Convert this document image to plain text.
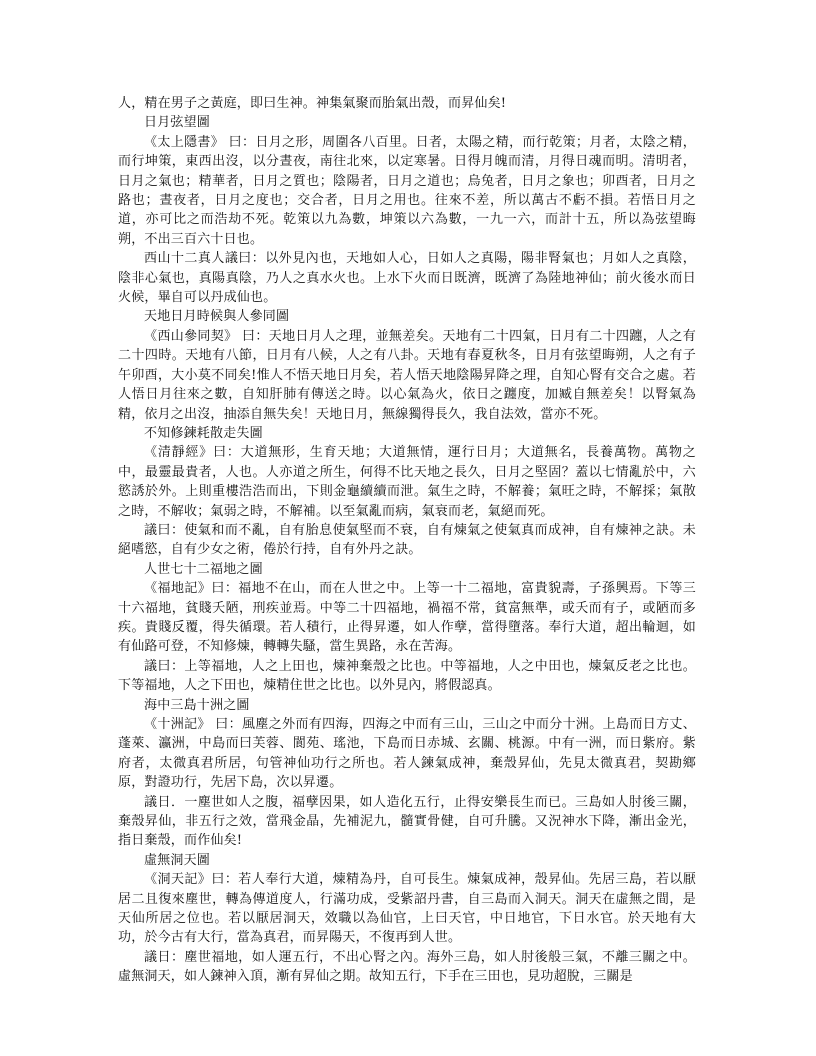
人，精在男子之黃庭，即曰生神。神集氣聚而胎氣出殼，而昇仙矣!

日月弦望圖

《太上隱書》 曰：日月之形，周圍各八百里。日者，太陽之精，而行乾策；月者，太陰之精，而行坤策，東西出沒，以分晝夜，南往北來，以定寒暑。日得月魄而清，月得日魂而明。清明者，日月之氣也；精華者，日月之質也；陰陽者，日月之道也；烏兔者，日月之象也；卯酉者，日月之路也；晝夜者，日月之度也；交合者，日月之用也。往來不差，所以萬古不虧不損。若悟日月之道，亦可比之而浩劫不死。乾策以九為數，坤策以六為數，一九一六，而計十五，所以為弦望晦朔，不出三百六十日也。

西山十二真人議曰：以外見內也，天地如人心，日如人之真陽，陽非腎氣也；月如人之真陰，陰非心氣也，真陽真陰，乃人之真水火也。上水下火而日既濟，既濟了為陸地神仙；前火後水而日火候，畢自可以丹成仙也。

天地日月時候與人參同圖

《西山參同契》 曰：天地日月人之理，並無差矣。天地有二十四氣，日月有二十四躔，人之有二十四時。天地有八節，日月有八候，人之有八卦。天地有春夏秋冬，日月有弦望晦朔，人之有子午卯酉，大小莫不同矣!惟人不悟天地日月矣，若人悟天地陰陽昇降之理，自知心腎有交合之處。若人悟日月往來之數，自知肝肺有傳送之時。以心氣為火，依日之躔度，加臧自無差矣！以腎氣為精，依月之出沒，抽添自無失矣！天地日月，無線獨得長久，我自法效，當亦不死。

不知修鍊耗散走失圖

《清靜經》曰：大道無形，生育天地；大道無情，運行日月；大道無名，長養萬物。萬物之中，最靈最貴者，人也。人亦道之所生，何得不比天地之長久，日月之堅固？蓋以七情亂於中，六慾誘於外。上則重樓浩浩而出，下則金龜續續而泄。氣生之時，不解養；氣旺之時，不解採；氣散之時，不解收；氣弱之時，不解補。以至氣亂而病，氣衰而老，氣絕而死。

議曰：使氣和而不亂，自有胎息使氣堅而不衰，自有煉氣之使氣真而成神，自有煉神之訣。未絕嗜慾，自有少女之術，倦於行持，自有外丹之訣。

人世七十二福地之圖

《福地記》曰：福地不在山，而在人世之中。上等一十二福地，富貴貌壽，子孫興焉。下等三十六福地，貧賤夭陋，刑疾並焉。中等二十四福地，禍福不常，貧富無準，或夭而有子，或陋而多疾。貴賤反覆，得失循環。若人積行，止得昇遷，如人作孽，當得墮落。奉行大道，超出輪迴，如有仙路可登，不知修煉，轉轉失騷，當生異路，永在苦海。

議曰：上等福地，人之上田也，煉神棄殼之比也。中等福地，人之中田也，煉氣反老之比也。下等福地，人之下田也，煉精住世之比也。以外見內，將假認真。

海中三島十洲之圖

《十洲記》 曰：風塵之外而有四海，四海之中而有三山，三山之中而分十洲。上島而日方丈、蓬萊、瀛洲，中島而曰芙蓉、閬苑、瑤池，下島而日赤城、玄關、桃源。中有一洲，而日紫府。紫府者，太微真君所居，句管神仙功行之所也。若人鍊氣成神，棄殼昇仙，先見太微真君，契勘鄉原，對證功行，先居下島，次以昇遷。

議日．一塵世如人之腹，福孽因果，如人造化五行，止得安樂長生而已。三島如人肘後三關，棄殼昇仙，非五行之效，當飛金晶，先補泥九，髓實骨健，自可升騰。又況神水下降，漸出金光，指日棄殼，而作仙矣!

虛無洞天圖

《洞天記》曰：若人奉行大道，煉精為丹，自可長生。煉氣成神，殼昇仙。先居三島，若以厭居二且復來塵世，轉為傳道度人，行滿功成，受紫詔丹書，自三島而入洞天。洞天在虛無之間，是天仙所居之位也。若以厭居洞天，效職以為仙官，上曰天官，中日地官，下日水官。於天地有大功，於今古有大行，當為真君，而昇陽天，不復再到人世。

議日：塵世福地，如人運五行，不出心腎之內。海外三島，如人肘後般三氣，不離三關之中。虛無洞天，如人鍊神入頂，漸有昇仙之期。故知五行，下手在三田也，見功超脫，三關是
